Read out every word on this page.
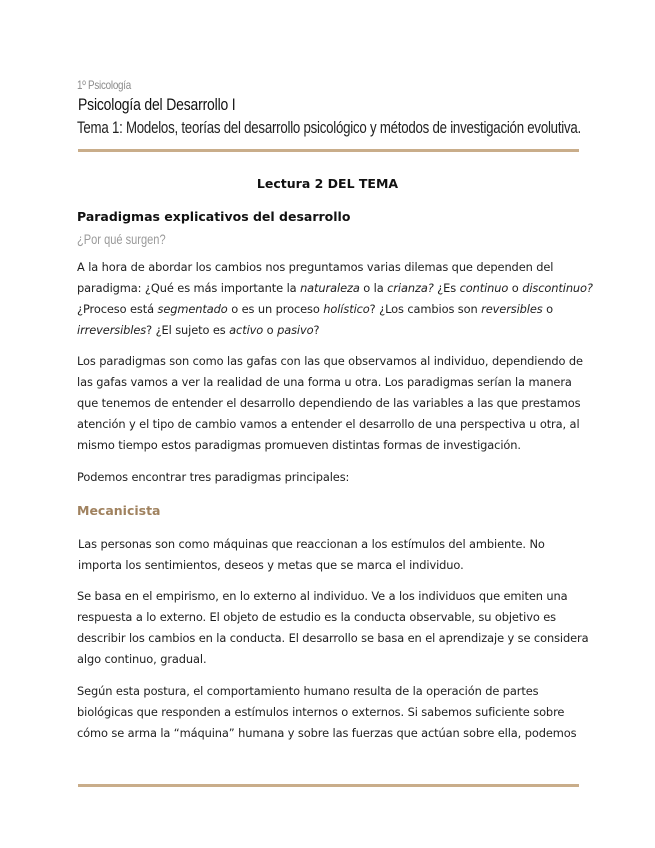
1º Psicología
Psicología del Desarrollo I
Tema 1: Modelos, teorías del desarrollo psicológico y métodos de investigación evolutiva.
Lectura 2 DEL TEMA
Paradigmas explicativos del desarrollo
¿Por qué surgen?
A la hora de abordar los cambios nos preguntamos varias dilemas que dependen del
paradigma: ¿Qué es más importante la naturaleza o la crianza? ¿Es continuo o discontinuo?
¿Proceso está segmentado o es un proceso holístico? ¿Los cambios son reversibles o
irreversibles? ¿El sujeto es activo o pasivo?
Los paradigmas son como las gafas con las que observamos al individuo, dependiendo de
las gafas vamos a ver la realidad de una forma u otra. Los paradigmas serían la manera
que tenemos de entender el desarrollo dependiendo de las variables a las que prestamos
atención y el tipo de cambio vamos a entender el desarrollo de una perspectiva u otra, al
mismo tiempo estos paradigmas promueven distintas formas de investigación.
Podemos encontrar tres paradigmas principales:
Mecanicista
Las personas son como máquinas que reaccionan a los estímulos del ambiente. No
importa los sentimientos, deseos y metas que se marca el individuo.
Se basa en el empirismo, en lo externo al individuo. Ve a los individuos que emiten una
respuesta a lo externo. El objeto de estudio es la conducta observable, su objetivo es
describir los cambios en la conducta. El desarrollo se basa en el aprendizaje y se considera
algo continuo, gradual.
Según esta postura, el comportamiento humano resulta de la operación de partes
biológicas que responden a estímulos internos o externos. Si sabemos suficiente sobre
cómo se arma la “máquina” humana y sobre las fuerzas que actúan sobre ella, podemos
